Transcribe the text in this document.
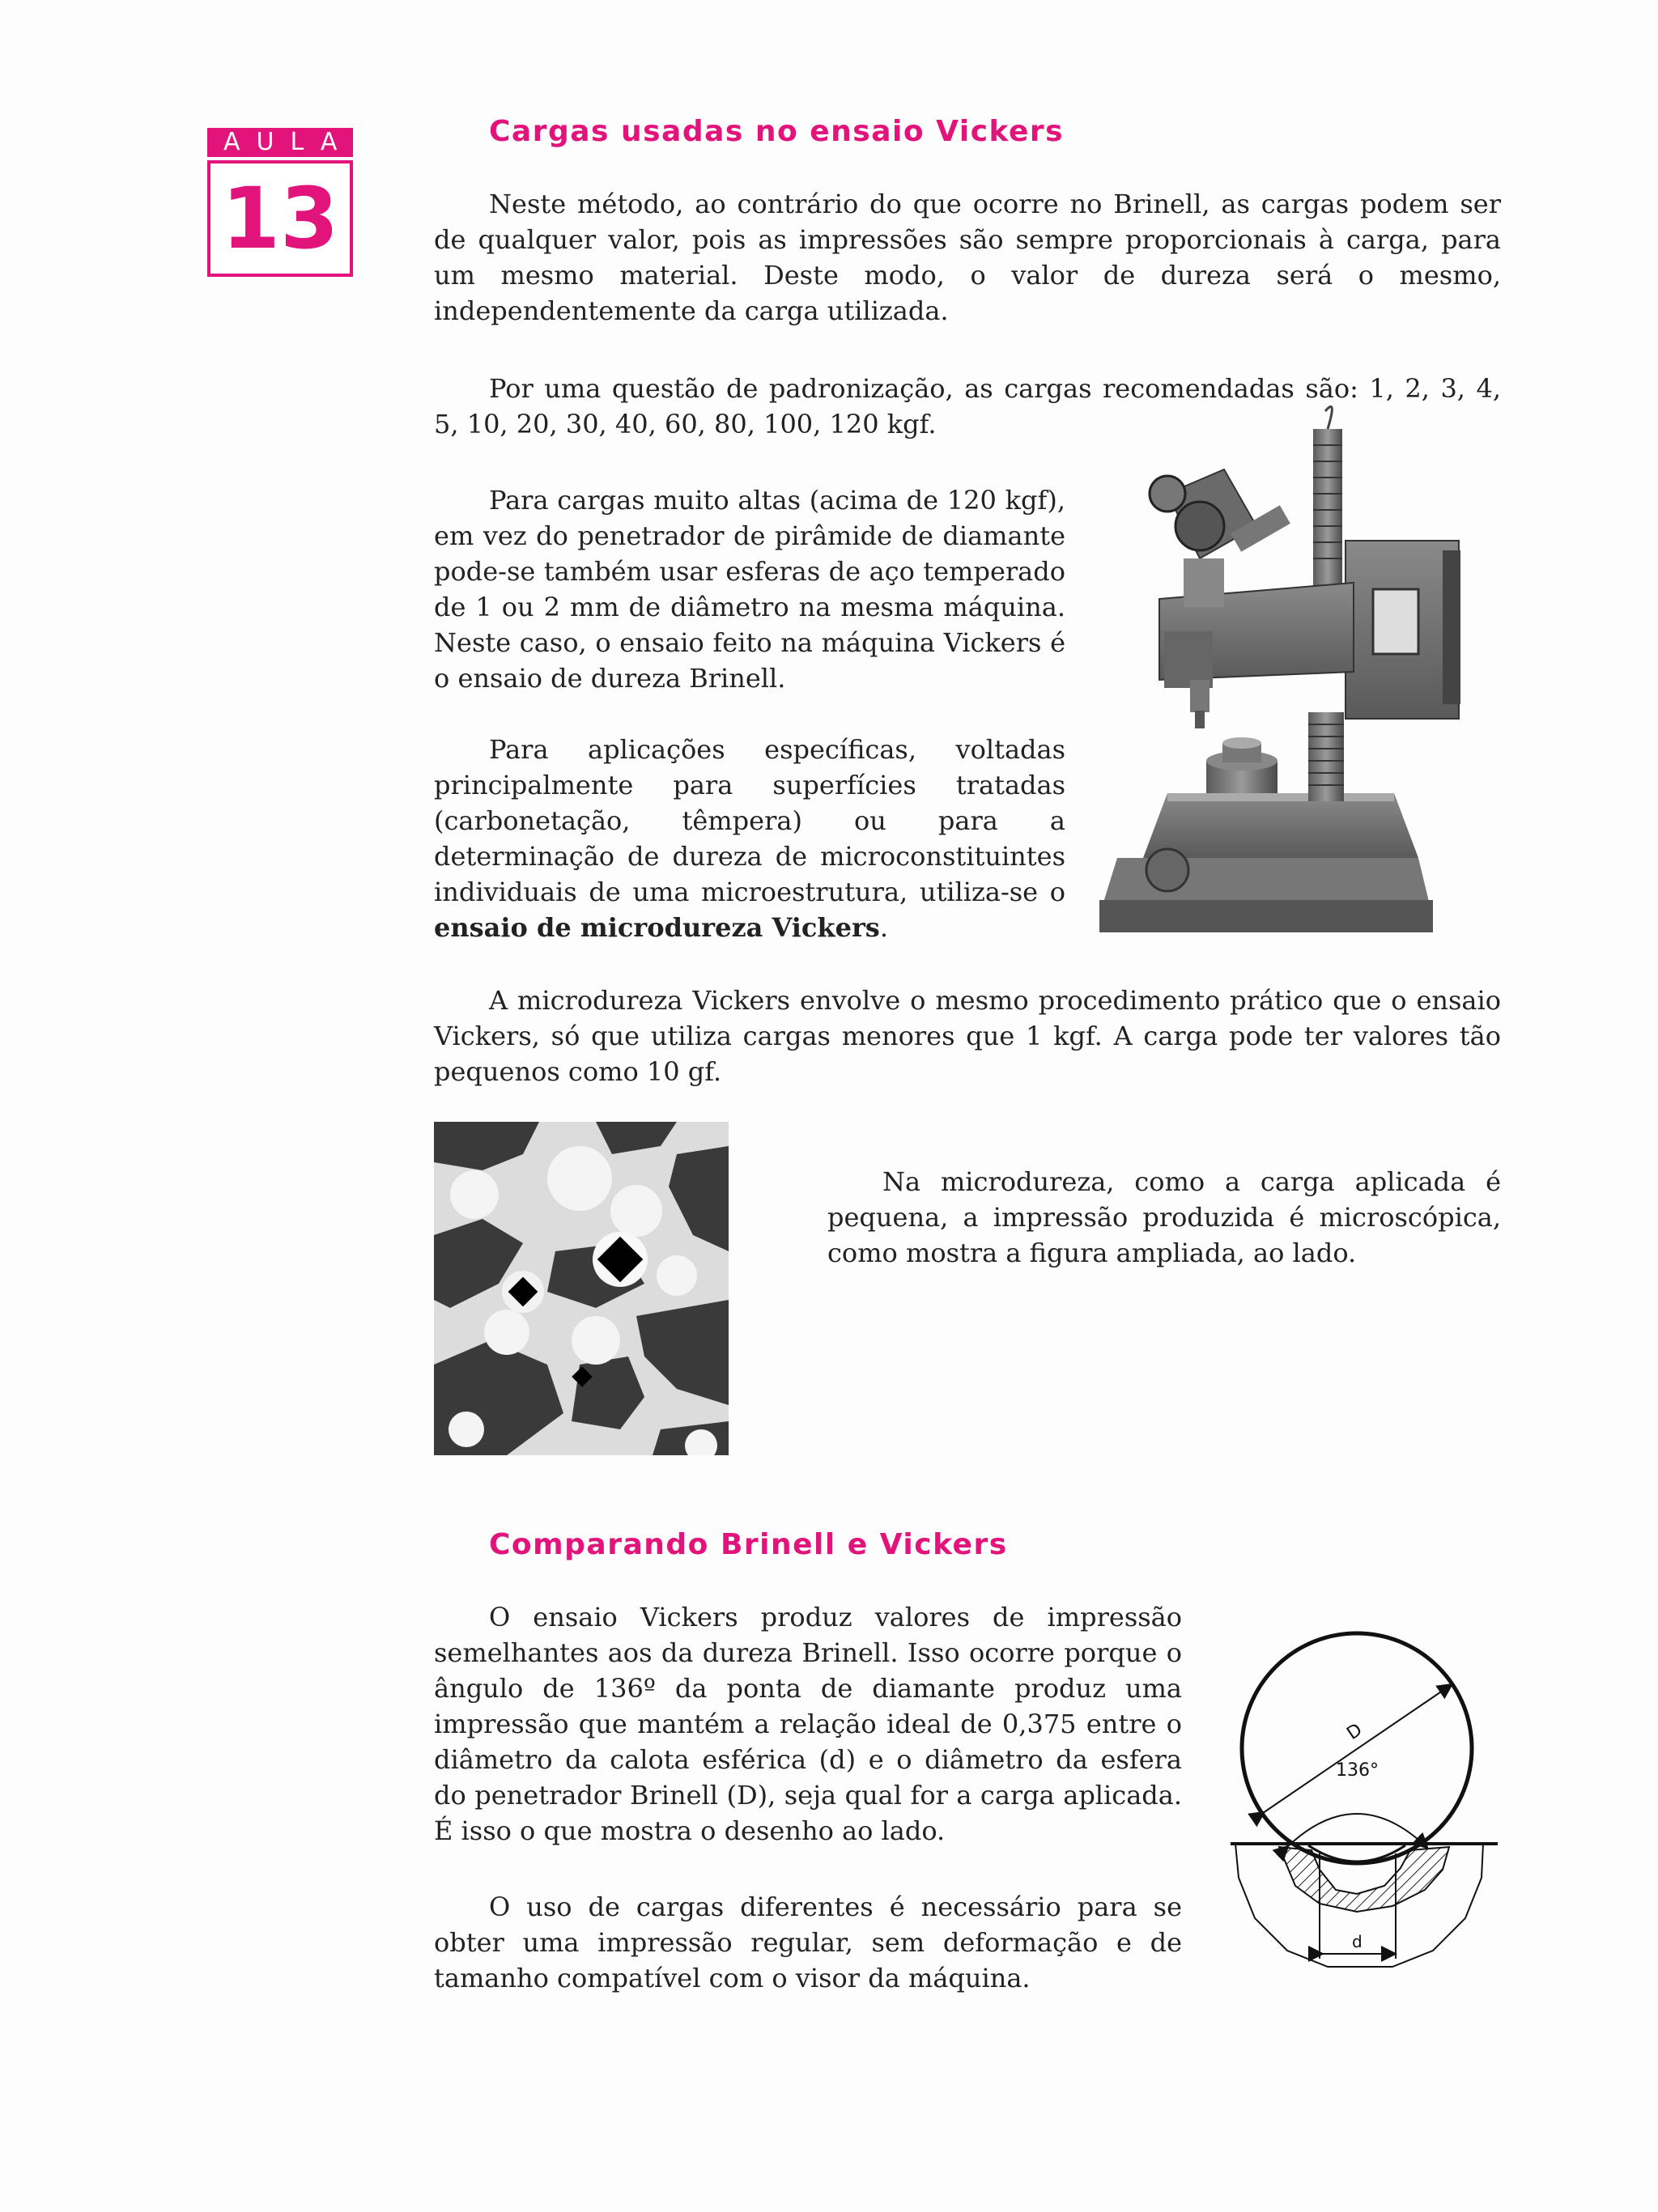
AULA
13
Cargas usadas no ensaio Vickers

Neste método, ao contrário do que ocorre no Brinell, as cargas podem ser de qualquer valor, pois as impressões são sempre proporcionais à carga, para um mesmo material. Deste modo, o valor de dureza será o mesmo, independentemente da carga utilizada.

Por uma questão de padronização, as cargas recomendadas são: 1, 2, 3, 4, 5, 10, 20, 30, 40, 60, 80, 100, 120 kgf.

Para cargas muito altas (acima de 120 kgf), em vez do penetrador de pirâmide de diamante pode-se também usar esferas de aço temperado de 1 ou 2 mm de diâmetro na mesma máquina. Neste caso, o ensaio feito na máquina Vickers é o ensaio de dureza Brinell.

Para aplicações específicas, voltadas principalmente para superfícies tratadas (carbonetação, têmpera) ou para a determinação de dureza de microconstituintes individuais de uma microestrutura, utiliza-se o ensaio de microdureza Vickers.

A microdureza Vickers envolve o mesmo procedimento prático que o ensaio Vickers, só que utiliza cargas menores que 1 kgf. A carga pode ter valores tão pequenos como 10 gf.

Na microdureza, como a carga aplicada é pequena, a impressão produzida é microscópica, como mostra a figura ampliada, ao lado.

Comparando Brinell e Vickers

O ensaio Vickers produz valores de impressão semelhantes aos da dureza Brinell. Isso ocorre porque o ângulo de 136º da ponta de diamante produz uma impressão que mantém a relação ideal de 0,375 entre o diâmetro da calota esférica (d) e o diâmetro da esfera do penetrador Brinell (D), seja qual for a carga aplicada. É isso o que mostra o desenho ao lado.

O uso de cargas diferentes é necessário para se obter uma impressão regular, sem deformação e de tamanho compatível com o visor da máquina.

D
136°
d
